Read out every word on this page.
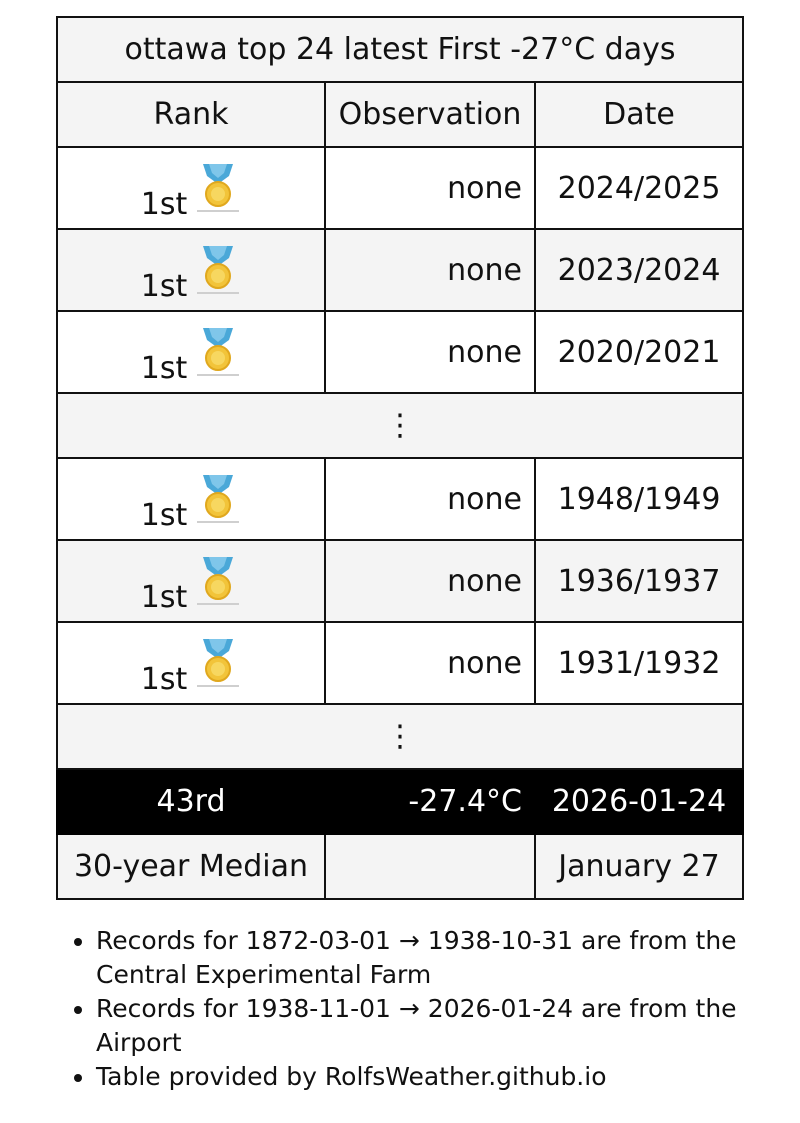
ottawa top 24 latest First -27°C days		
Rank	Observation	Date

1st	none	2024/2025

1st	none	2023/2024

1st	none	2020/2021
⋮		

1st	none	1948/1949

1st	none	1936/1937

1st	none	1931/1932
⋮		
43rd	-27.4°C	2026-01-24
30-year Median		January 27
• Records for 1872-03-01 → 1938-10-31 are from the Central Experimental Farm
• Records for 1938-11-01 → 2026-01-24 are from the Airport
• Table provided by RolfsWeather.github.io
